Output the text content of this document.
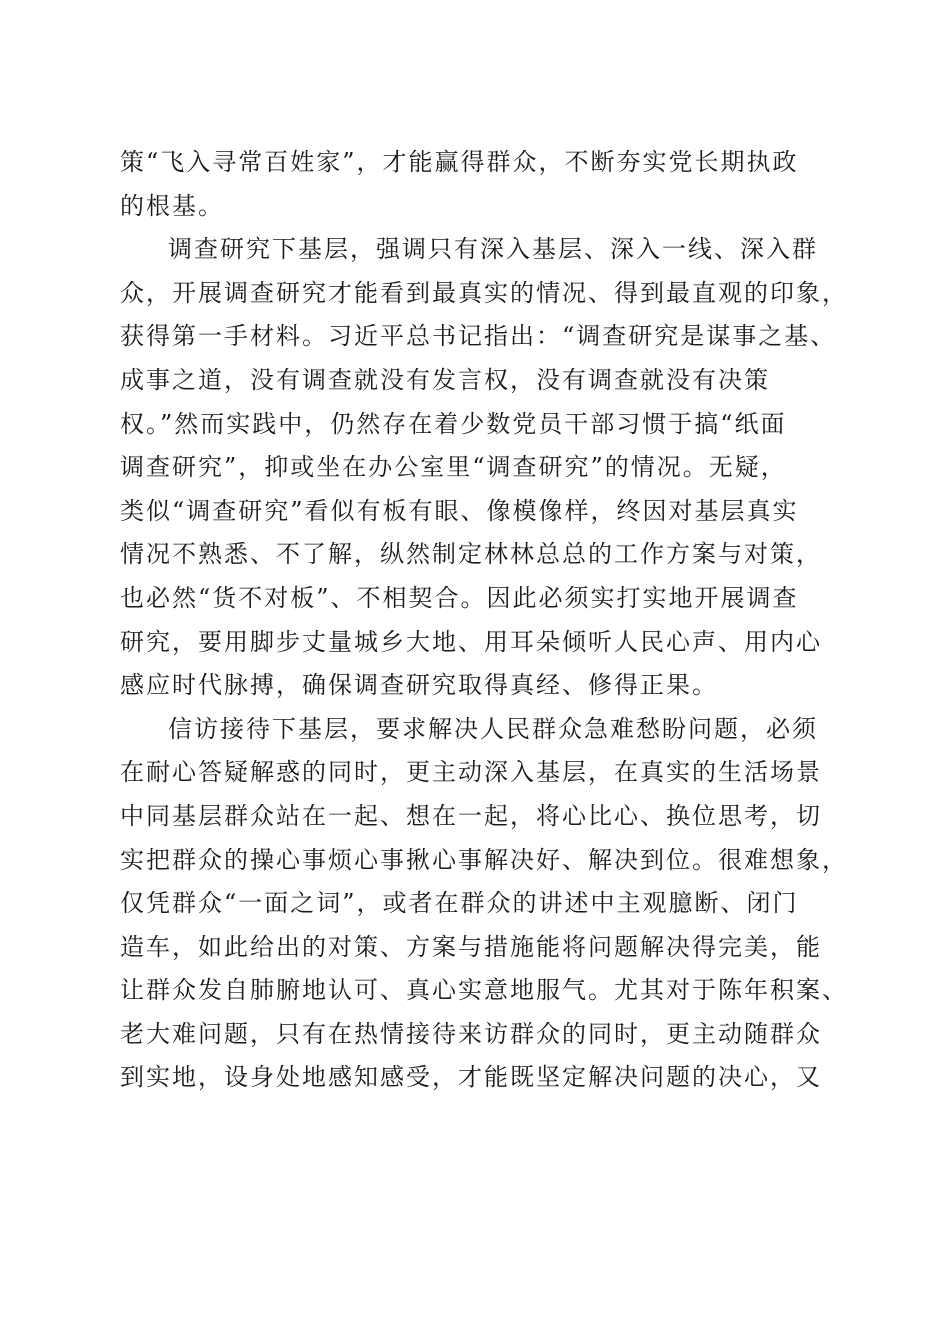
策“飞入寻常百姓家”，才能赢得群众，不断夯实党长期执政
的根基。
调查研究下基层，强调只有深入基层、深入一线、深入群
众，开展调查研究才能看到最真实的情况、得到最直观的印象，
获得第一手材料。习近平总书记指出：“调查研究是谋事之基、
成事之道，没有调查就没有发言权，没有调查就没有决策
权。”然而实践中，仍然存在着少数党员干部习惯于搞“纸面
调查研究”，抑或坐在办公室里“调查研究”的情况。无疑，
类似“调查研究”看似有板有眼、像模像样，终因对基层真实
情况不熟悉、不了解，纵然制定林林总总的工作方案与对策，
也必然“货不对板”、不相契合。因此必须实打实地开展调查
研究，要用脚步丈量城乡大地、用耳朵倾听人民心声、用内心
感应时代脉搏，确保调查研究取得真经、修得正果。
信访接待下基层，要求解决人民群众急难愁盼问题，必须
在耐心答疑解惑的同时，更主动深入基层，在真实的生活场景
中同基层群众站在一起、想在一起，将心比心、换位思考，切
实把群众的操心事烦心事揪心事解决好、解决到位。很难想象，
仅凭群众“一面之词”，或者在群众的讲述中主观臆断、闭门
造车，如此给出的对策、方案与措施能将问题解决得完美，能
让群众发自肺腑地认可、真心实意地服气。尤其对于陈年积案、
老大难问题，只有在热情接待来访群众的同时，更主动随群众
到实地，设身处地感知感受，才能既坚定解决问题的决心，又
